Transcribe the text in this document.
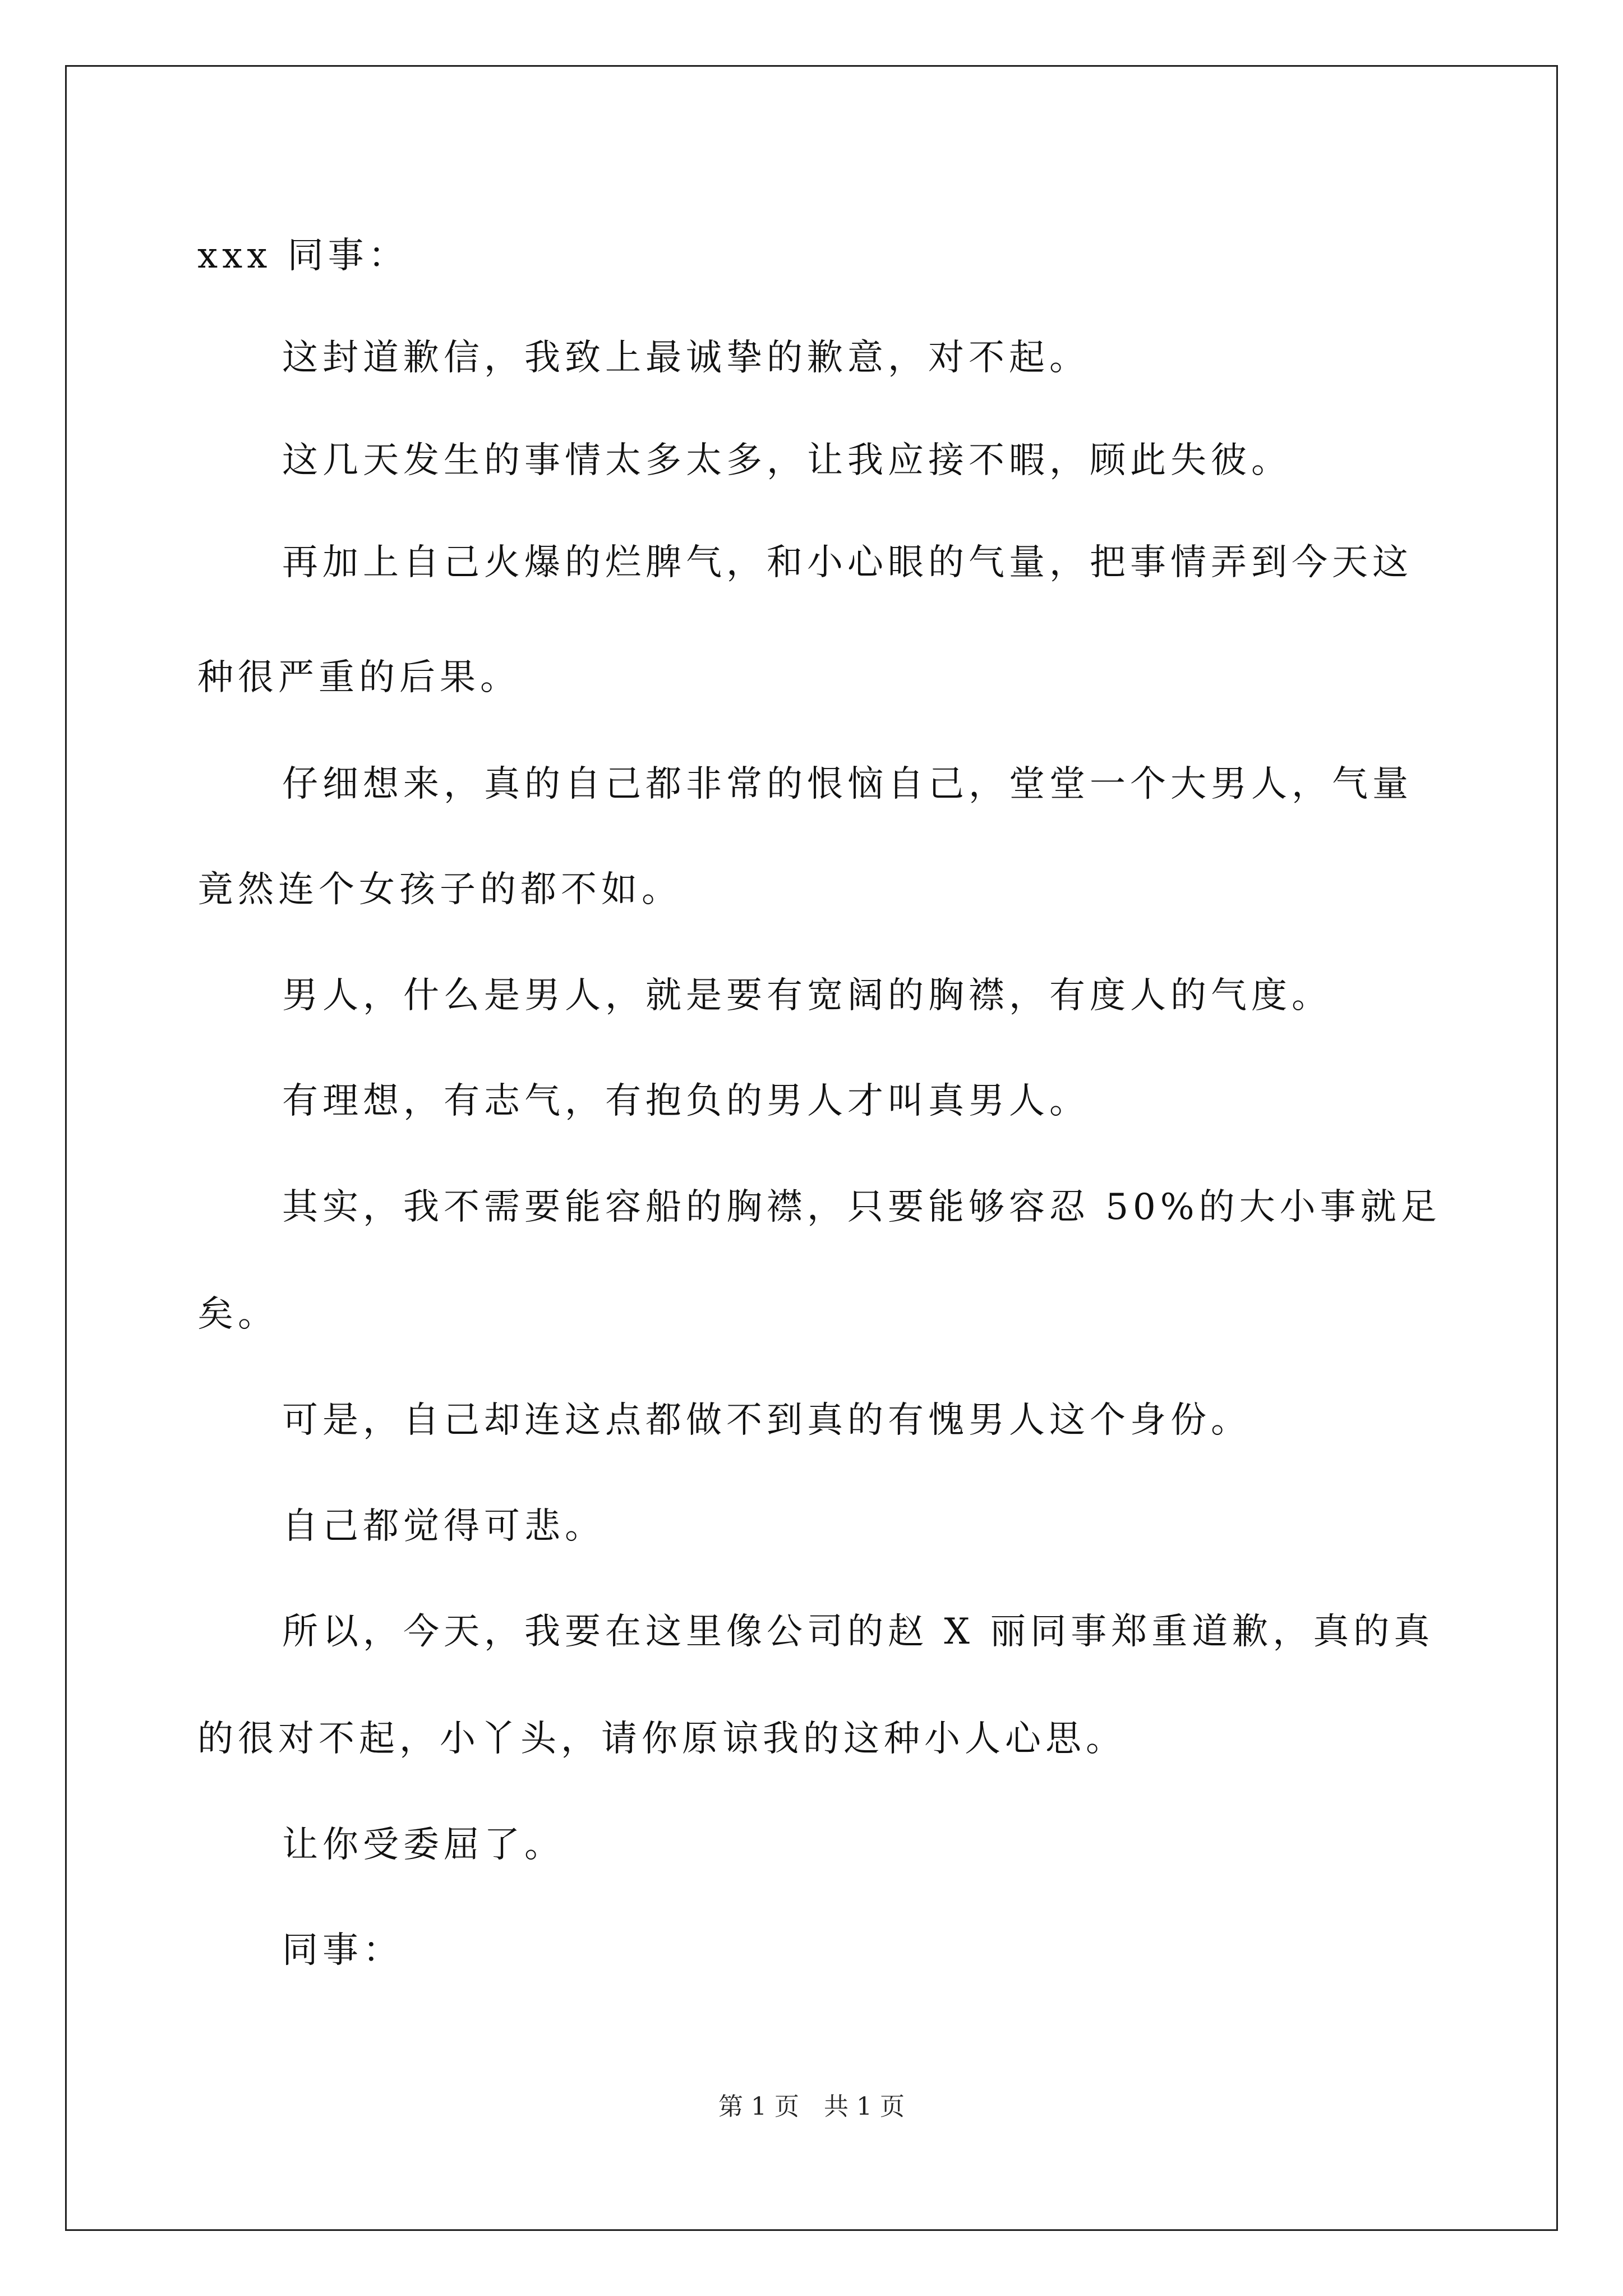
xxx 同事：
这封道歉信，我致上最诚挚的歉意，对不起。
这几天发生的事情太多太多，让我应接不暇，顾此失彼。
再加上自己火爆的烂脾气，和小心眼的气量，把事情弄到今天这
种很严重的后果。
仔细想来，真的自己都非常的恨恼自己，堂堂一个大男人，气量
竟然连个女孩子的都不如。
男人，什么是男人，就是要有宽阔的胸襟，有度人的气度。
有理想，有志气，有抱负的男人才叫真男人。
其实，我不需要能容船的胸襟，只要能够容忍 50%的大小事就足
矣。
可是，自己却连这点都做不到真的有愧男人这个身份。
自己都觉得可悲。
所以，今天，我要在这里像公司的赵 X 丽同事郑重道歉，真的真
的很对不起，小丫头，请你原谅我的这种小人心思。
让你受委屈了。
同事：
第 1 页　共 1 页
